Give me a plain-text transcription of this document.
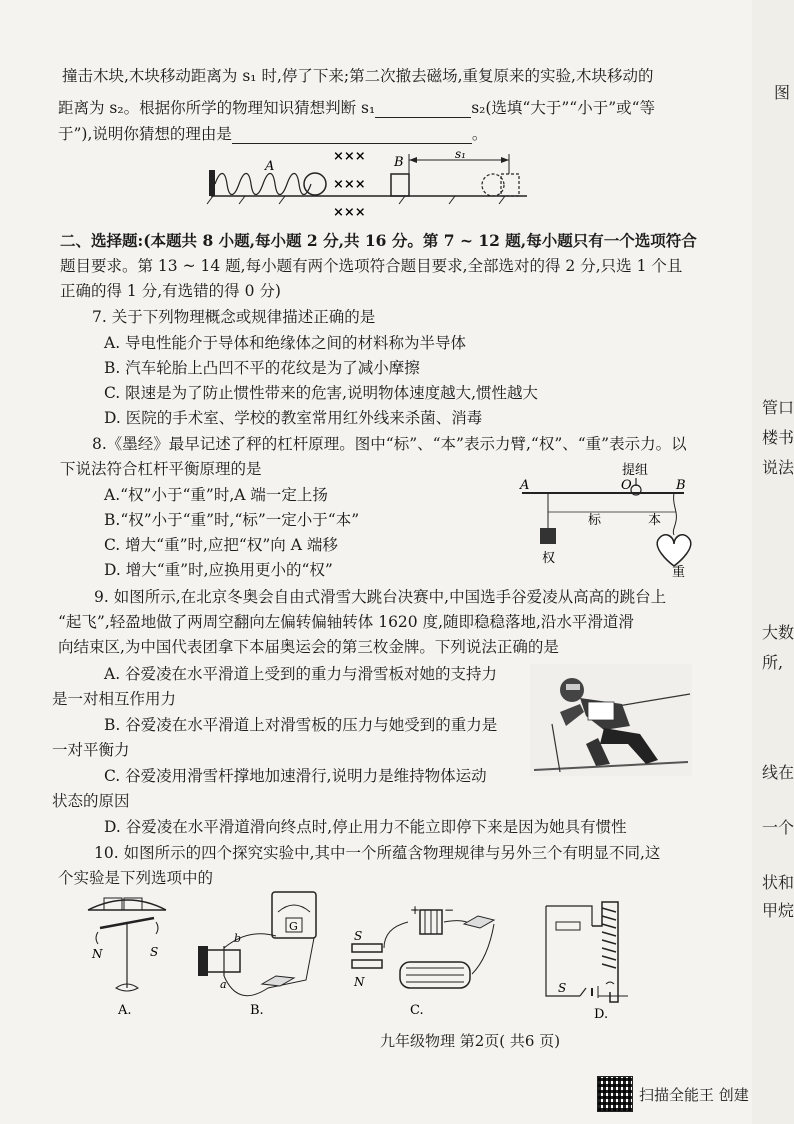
图
管口
楼书
说法
大数
所,
线在
一个
状和
甲烷
撞击木块,木块移动距离为 s₁ 时,停了下来;第二次撤去磁场,重复原来的实验,木块移动的
距离为 s₂。根据你所学的物理知识猜想判断 s₁	s₂(选填“大于”“小于”或“等
于”),说明你猜想的理由是	。
A
×××
×××
×××
B
s₁
二、选择题:(本题共 8 小题,每小题 2 分,共 16 分。第 7 ~ 12 题,每小题只有一个选项符合
题目要求。第 13 ~ 14 题,每小题有两个选项符合题目要求,全部选对的得 2 分,只选 1 个且
正确的得 1 分,有选错的得 0 分)
7. 关于下列物理概念或规律描述正确的是
A. 导电性能介于导体和绝缘体之间的材料称为半导体
B. 汽车轮胎上凸凹不平的花纹是为了减小摩擦
C. 限速是为了防止惯性带来的危害,说明物体速度越大,惯性越大
D. 医院的手术室、学校的教室常用红外线来杀菌、消毒
8.《墨经》最早记述了秤的杠杆原理。图中“标”、“本”表示力臂,“权”、“重”表示力。以
下说法符合杠杆平衡原理的是
A.“权”小于“重”时,A 端一定上扬
B.“权”小于“重”时,“标”一定小于“本”
C. 增大“重”时,应把“权”向 A 端移
D. 增大“重”时,应换用更小的“权”
提组
A	O	B
权
标	本
重
9. 如图所示,在北京冬奥会自由式滑雪大跳台决赛中,中国选手谷爱凌从高高的跳台上
“起飞”,轻盈地做了两周空翻向左偏转偏轴转体 1620 度,随即稳稳落地,沿水平滑道滑
向结束区,为中国代表团拿下本届奥运会的第三枚金牌。下列说法正确的是
A. 谷爱凌在水平滑道上受到的重力与滑雪板对她的支持力
是一对相互作用力
B. 谷爱凌在水平滑道上对滑雪板的压力与她受到的重力是
一对平衡力
C. 谷爱凌用滑雪杆撑地加速滑行,说明力是维持物体运动
状态的原因
D. 谷爱凌在水平滑道滑向终点时,停止用力不能立即停下来是因为她具有惯性
10. 如图所示的四个探究实验中,其中一个所蕴含物理规律与另外三个有明显不同,这
个实验是下列选项中的
N	S
A.
G
b
a
B.
+ −
S
N
C.
S
D.
九年级物理 第2页( 共6 页)
扫描全能王 创建
